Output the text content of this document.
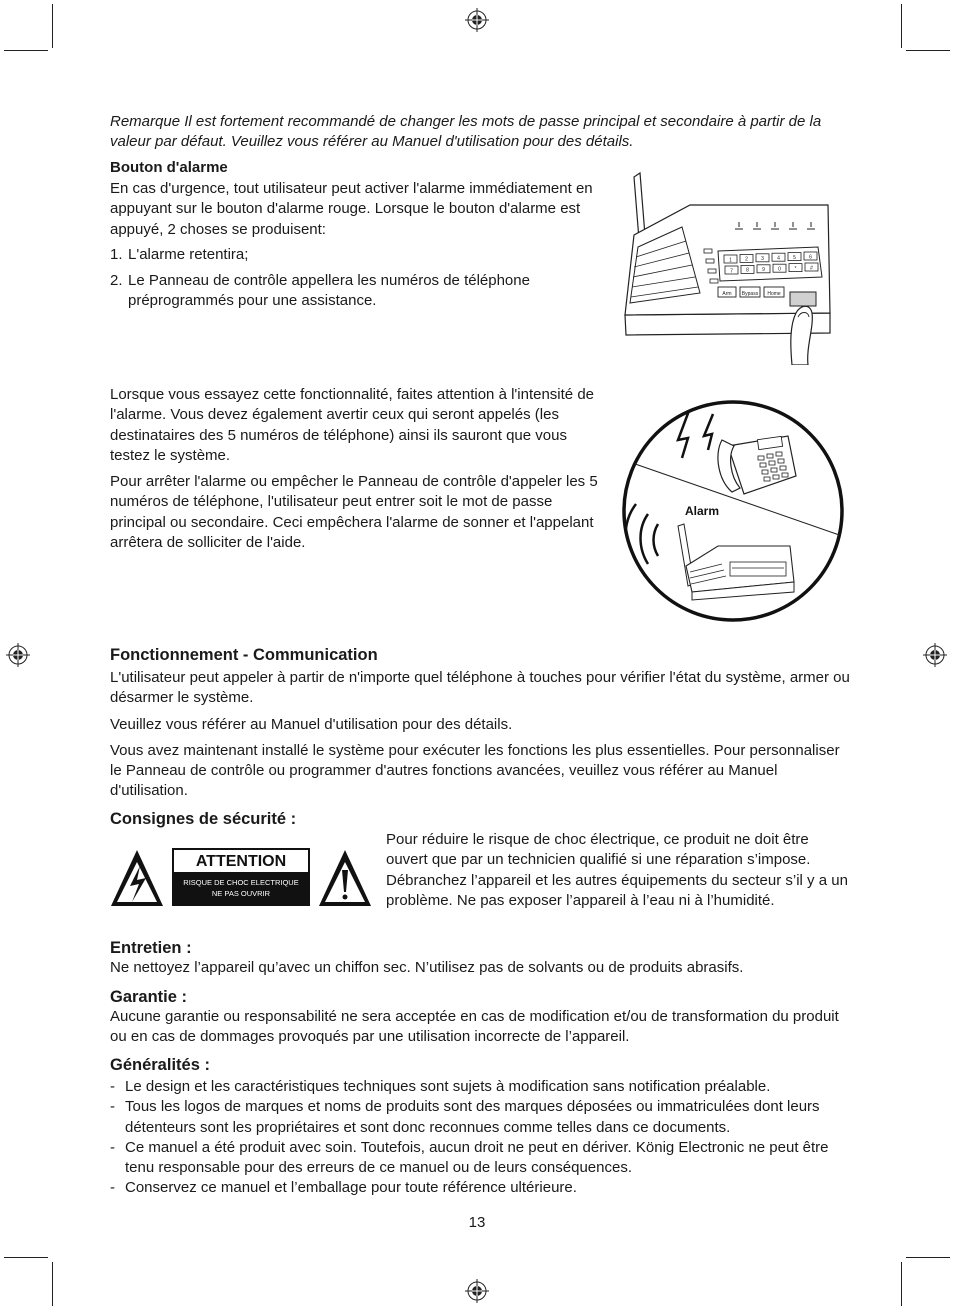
Remarque Il est fortement recommandé de changer les mots de passe principal et secondaire à partir de la valeur par défaut. Veuillez vous référer au Manuel d'utilisation pour des détails.

Bouton d'alarme

En cas d'urgence, tout utilisateur peut activer l'alarme immédiatement en appuyant sur le bouton d'alarme rouge. Lorsque le bouton d'alarme est appuyé, 2 choses se produisent:

1. L'alarme retentira;
2. Le Panneau de contrôle appellera les numéros de téléphone préprogrammés pour une assistance.
1	2	3	4	5	6
7	8	9	0	*	#
Arm Bypass Home

Lorsque vous essayez cette fonctionnalité, faites attention à l'intensité de l'alarme. Vous devez également avertir ceux qui seront appelés (les destinataires des 5 numéros de téléphone) ainsi ils sauront que vous testez le système.

Pour arrêter l'alarme ou empêcher le Panneau de contrôle d'appeler les 5 numéros de téléphone, l'utilisateur peut entrer soit le mot de passe principal ou secondaire. Ceci empêchera l'alarme de sonner et l'appelant arrêtera de solliciter de l'aide.

Alarm

Fonctionnement - Communication

L'utilisateur peut appeler à partir de n'importe quel téléphone à touches pour vérifier l'état du système, armer ou désarmer le système.

Veuillez vous référer au Manuel d'utilisation pour des détails.

Vous avez maintenant installé le système pour exécuter les fonctions les plus essentielles. Pour personnaliser le Panneau de contrôle ou programmer d'autres fonctions avancées, veuillez vous référer au Manuel d'utilisation.

Consignes de sécurité :

ATTENTION
RISQUE DE CHOC ELECTRIQUE
NE PAS OUVRIR

Pour réduire le risque de choc électrique, ce produit ne doit être ouvert que par un technicien qualifié si une réparation s’impose. Débranchez l’appareil et les autres équipements du secteur s’il y a un problème. Ne pas exposer l’appareil à l’eau ni à l’humidité.

Entretien :

Ne nettoyez l’appareil qu’avec un chiffon sec. N’utilisez pas de solvants ou de produits abrasifs.

Garantie :

Aucune garantie ou responsabilité ne sera acceptée en cas de modification et/ou de transformation du produit ou en cas de dommages provoqués par une utilisation incorrecte de l’appareil.

Généralités :

- Le design et les caractéristiques techniques sont sujets à modification sans notification préalable.
- Tous les logos de marques et noms de produits sont des marques déposées ou immatriculées dont leurs détenteurs sont les propriétaires et sont donc reconnues comme telles dans ce documents.
- Ce manuel a été produit avec soin. Toutefois, aucun droit ne peut en dériver. König Electronic ne peut être tenu responsable pour des erreurs de ce manuel ou de leurs conséquences.
- Conservez ce manuel et l’emballage pour toute référence ultérieure.

13
